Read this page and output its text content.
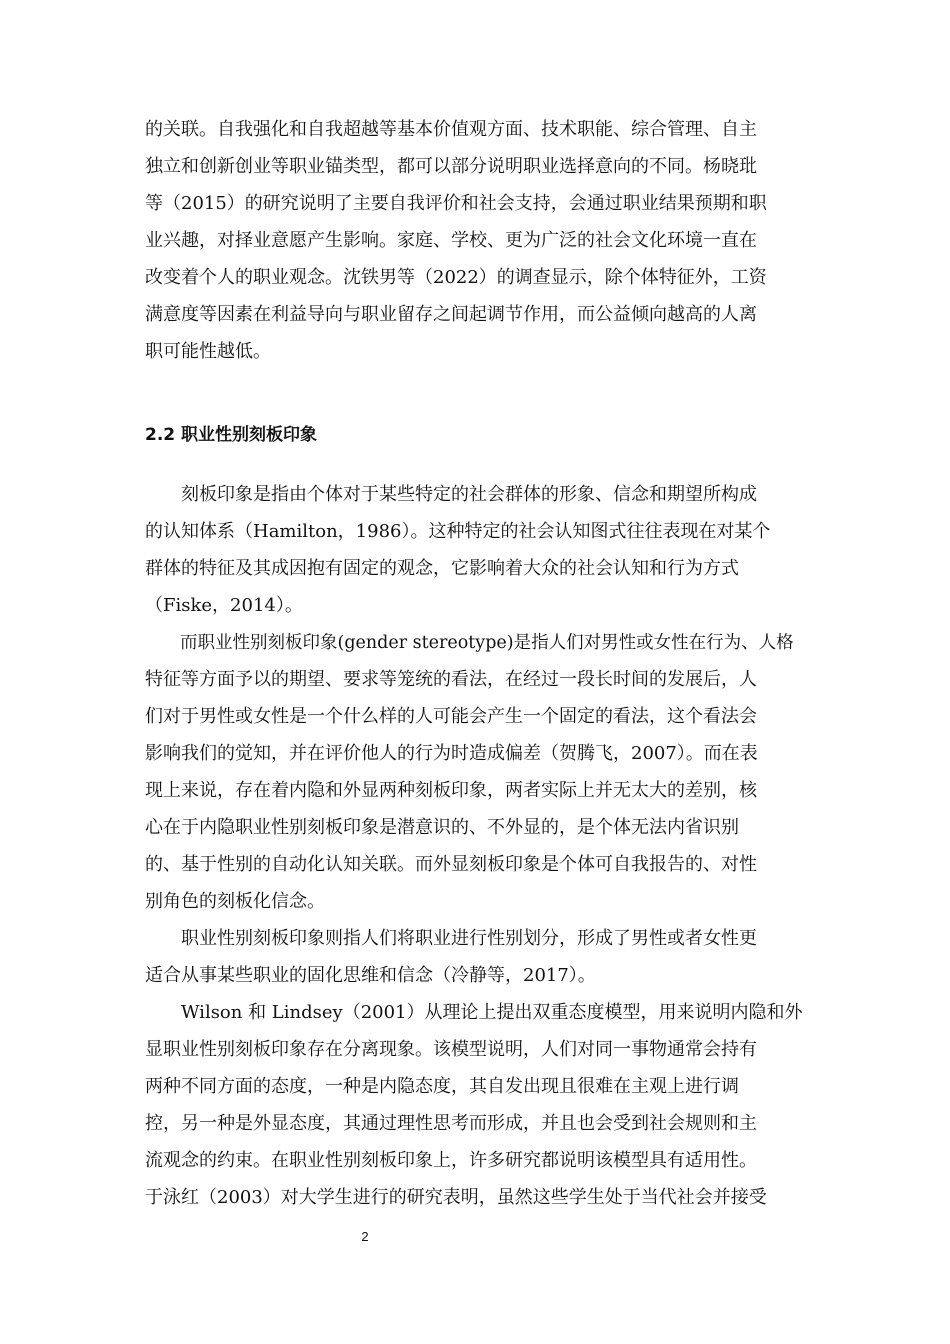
的关联。自我强化和自我超越等基本价值观方面、技术职能、综合管理、自主
独立和创新创业等职业锚类型，都可以部分说明职业选择意向的不同。杨晓玭
等（2015）的研究说明了主要自我评价和社会支持，会通过职业结果预期和职
业兴趣，对择业意愿产生影响。家庭、学校、更为广泛的社会文化环境一直在
改变着个人的职业观念。沈铁男等（2022）的调查显示，除个体特征外，工资
满意度等因素在利益导向与职业留存之间起调节作用，而公益倾向越高的人离
职可能性越低。
2.2 职业性别刻板印象
　　刻板印象是指由个体对于某些特定的社会群体的形象、信念和期望所构成
的认知体系（Hamilton，1986）。这种特定的社会认知图式往往表现在对某个
群体的特征及其成因抱有固定的观念，它影响着大众的社会认知和行为方式
（Fiske，2014）。
　　而职业性别刻板印象(gender stereotype)是指人们对男性或女性在行为、人格
特征等方面予以的期望、要求等笼统的看法，在经过一段长时间的发展后，人
们对于男性或女性是一个什么样的人可能会产生一个固定的看法，这个看法会
影响我们的觉知，并在评价他人的行为时造成偏差（贺腾飞，2007）。而在表
现上来说，存在着内隐和外显两种刻板印象，两者实际上并无太大的差别，核
心在于内隐职业性别刻板印象是潜意识的、不外显的，是个体无法内省识别
的、基于性别的自动化认知关联。而外显刻板印象是个体可自我报告的、对性
别角色的刻板化信念。
　　职业性别刻板印象则指人们将职业进行性别划分，形成了男性或者女性更
适合从事某些职业的固化思维和信念（冷静等，2017）。
　　Wilson 和 Lindsey（2001）从理论上提出双重态度模型，用来说明内隐和外
显职业性别刻板印象存在分离现象。该模型说明，人们对同一事物通常会持有
两种不同方面的态度，一种是内隐态度，其自发出现且很难在主观上进行调
控，另一种是外显态度，其通过理性思考而形成，并且也会受到社会规则和主
流观念的约束。在职业性别刻板印象上，许多研究都说明该模型具有适用性。
于泳红（2003）对大学生进行的研究表明，虽然这些学生处于当代社会并接受
2
